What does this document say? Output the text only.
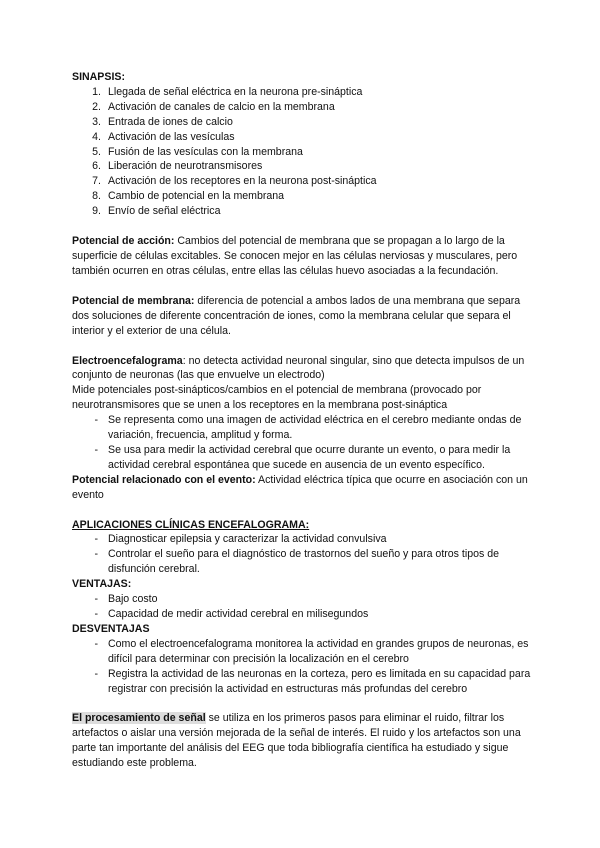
SINAPSIS:
1. Llegada de señal eléctrica en la neurona pre-sináptica
2. Activación de canales de calcio en la membrana
3. Entrada de iones de calcio
4. Activación de las vesículas
5. Fusión de las vesículas con la membrana
6. Liberación de neurotransmisores
7. Activación de los receptores en la neurona post-sináptica
8. Cambio de potencial en la membrana
9. Envío de señal eléctrica

Potencial de acción: Cambios del potencial de membrana que se propagan a lo largo de la superficie de células excitables. Se conocen mejor en las células nerviosas y musculares, pero también ocurren en otras células, entre ellas las células huevo asociadas a la fecundación.

Potencial de membrana: diferencia de potencial a ambos lados de una membrana que separa dos soluciones de diferente concentración de iones, como la membrana celular que separa el interior y el exterior de una célula.

Electroencefalograma: no detecta actividad neuronal singular, sino que detecta impulsos de un conjunto de neuronas (las que envuelve un electrodo)

Mide potenciales post-sinápticos/cambios en el potencial de membrana (provocado por neurotransmisores que se unen a los receptores en la membrana post-sináptica

- Se representa como una imagen de actividad eléctrica en el cerebro mediante ondas de variación, frecuencia, amplitud y forma.
- Se usa para medir la actividad cerebral que ocurre durante un evento, o para medir la actividad cerebral espontánea que sucede en ausencia de un evento específico.

Potencial relacionado con el evento: Actividad eléctrica típica que ocurre en asociación con un evento

APLICACIONES CLÍNICAS ENCEFALOGRAMA:
- Diagnosticar epilepsia y caracterizar la actividad convulsiva
- Controlar el sueño para el diagnóstico de trastornos del sueño y para otros tipos de disfunción cerebral.
VENTAJAS:
- Bajo costo
- Capacidad de medir actividad cerebral en milisegundos
DESVENTAJAS
- Como el electroencefalograma monitorea la actividad en grandes grupos de neuronas, es difícil para determinar con precisión la localización en el cerebro
- Registra la actividad de las neuronas en la corteza, pero es limitada en su capacidad para registrar con precisión la actividad en estructuras más profundas del cerebro

El procesamiento de señal se utiliza en los primeros pasos para eliminar el ruido, filtrar los artefactos o aislar una versión mejorada de la señal de interés. El ruido y los artefactos son una parte tan importante del análisis del EEG que toda bibliografía científica ha estudiado y sigue estudiando este problema.
